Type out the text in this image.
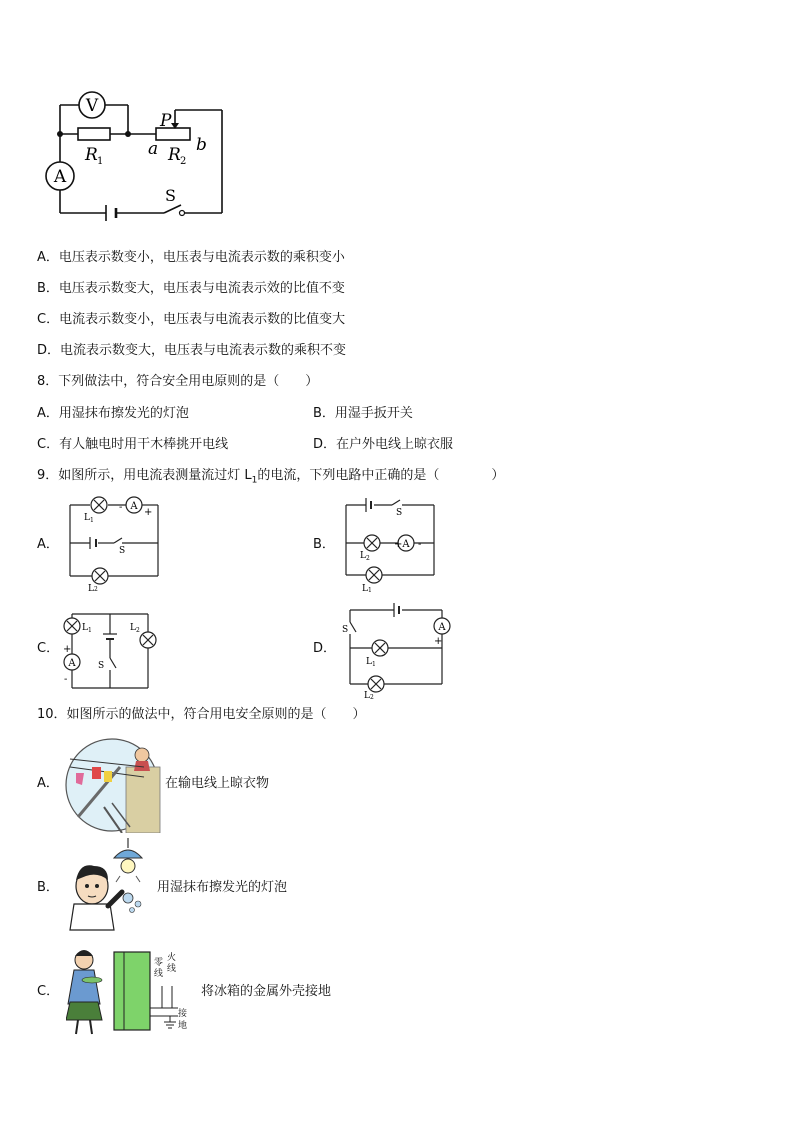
V
A
R 1	R 2
P
a b
S
A．电压表示数变小，电压表与电流表示数的乘积变小
B．电压表示数变大，电压表与电流表示效的比值不变
C．电流表示数变小，电压表与电流表示数的比值变大
D．电流表示数变大，电压表与电流表示数的乘积不变
8．下列做法中，符合安全用电原则的是（　　）
A．用湿抹布擦发光的灯泡	B．用湿手扳开关
C．有人触电时用干木棒挑开电线	D．在户外电线上晾衣服
9．如图所示，用电流表测量流过灯 $L_1$的电流，下列电路中正确的是（　　　　）
A．	B．
C．	D．
A
L 1
L 2
S
- +
A
S
L 2
L 1
+ -
A
L 1	L 2
S
+
-
A
S
L 1
L 2
+
10．如图所示的做法中，符合用电安全原则的是（　　）
A．	在输电线上晾衣物
B．	用湿抹布擦发光的灯泡
C．
零线
火线
接地
将冰箱的金属外壳接地
